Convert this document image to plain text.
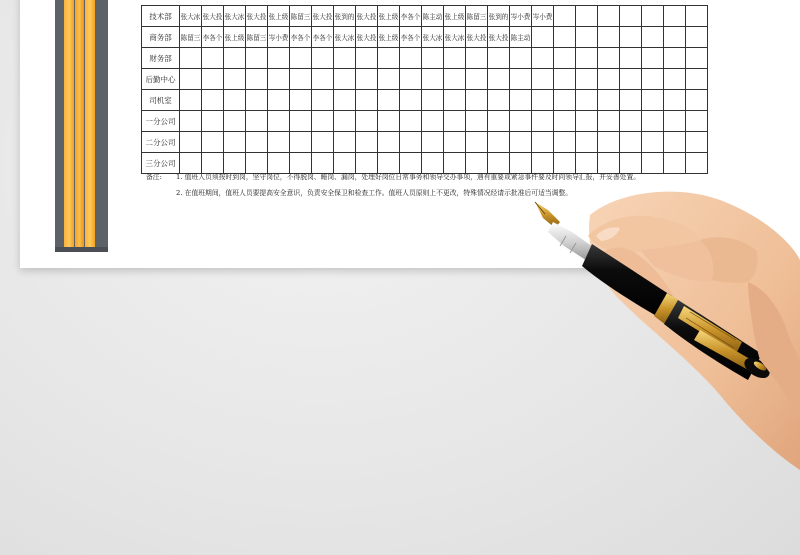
技术部	张大冰	张大投	张大冰	张大投	张上级	陈留三	张大投	张到的	张大投	张上级	李各个	陈主动	张上级	陈留三	张到的	岑小费	岑小费							
商务部	陈留三	李各个	张上级	陈留三	岑小费	李各个	李各个	张大冰	张大投	张上级	李各个	张大冰	张大冰	张大投	张大投	陈主动								
财务部																								
后勤中心																								
司机室																								
一分公司																								
二分公司																								
三分公司																								
备注: 1. 值班人员须按时到岗，坚守岗位，不得脱岗、睡岗、漏岗，处理好岗位日常事务和领导交办事项，遇有重要或紧急事件要及时向领导汇报，并妥善处置。
2. 在值班期间，值班人员要提高安全意识，负责安全保卫和检查工作。值班人员原则上不更改，特殊情况经请示批准后可适当调整。
